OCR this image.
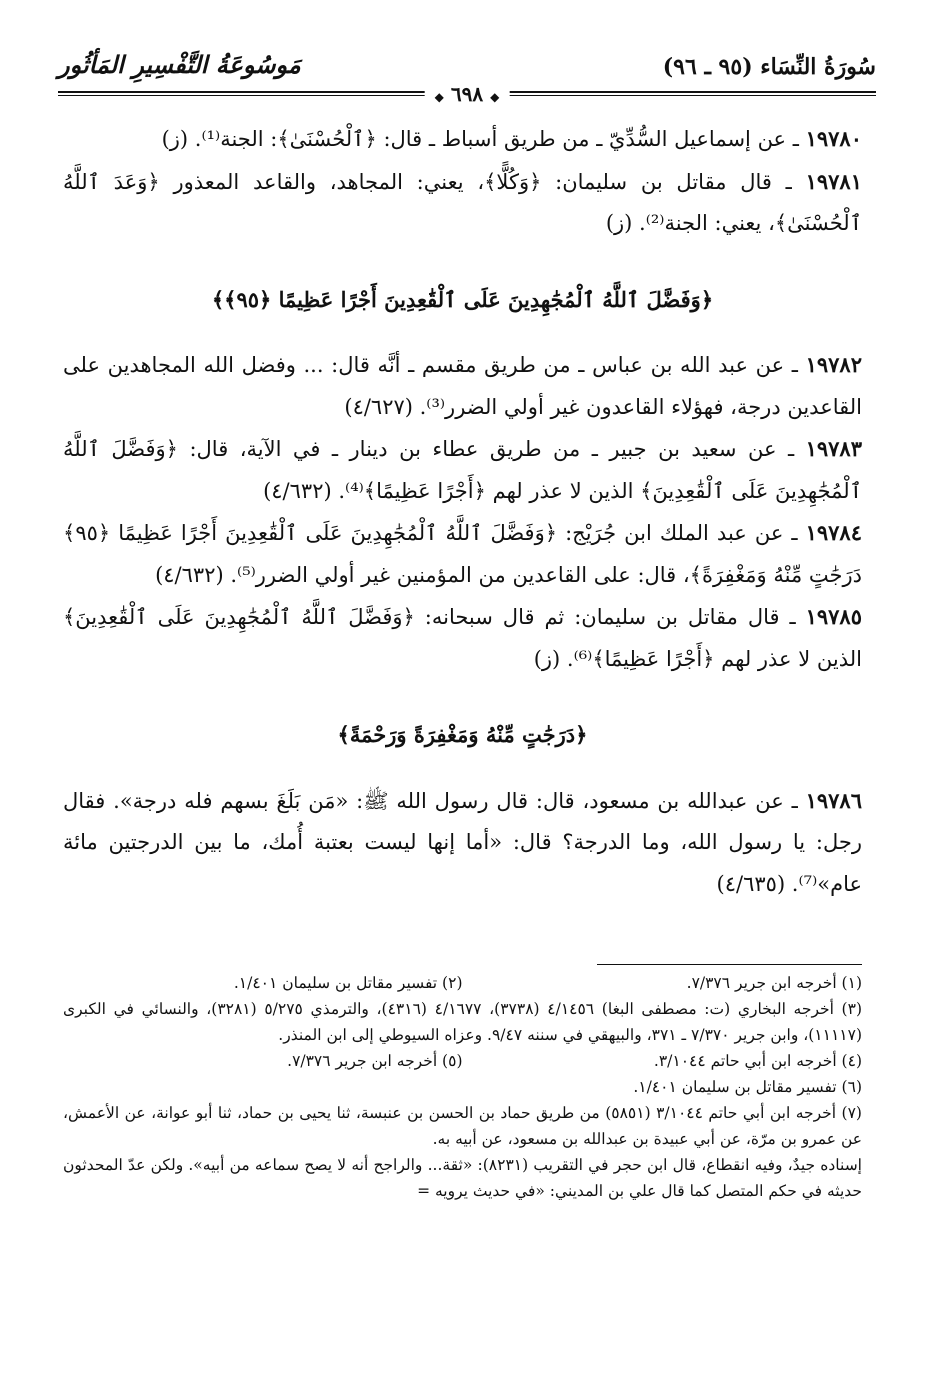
سُورَةُ النِّسَاء (٩٥ ـ ٩٦)
مَوسُوعَةُ التَّفْسِيرِ المَأثُور
◆ ٦٩٨ ◆

١٩٧٨٠ ـ عن إسماعيل السُّدِّيّ ـ من طريق أسباط ـ قال: ﴿ٱلْحُسْنَىٰ﴾: الجنة⁽¹⁾. (ز)

١٩٧٨١ ـ قال مقاتل بن سليمان: ﴿وَكُلًّا﴾، يعني: المجاهد، والقاعد المعذور ﴿وَعَدَ ٱللَّهُ ٱلْحُسْنَىٰ﴾، يعني: الجنة⁽²⁾. (ز)

﴿وَفَضَّلَ ٱللَّهُ ٱلْمُجَٰهِدِينَ عَلَى ٱلْقَٰعِدِينَ أَجْرًا عَظِيمًا ﴿٩٥﴾﴾

١٩٧٨٢ ـ عن عبد الله بن عباس ـ من طريق مقسم ـ أنَّه قال: ... وفضل الله المجاهدين على القاعدين درجة، فهؤلاء القاعدون غير أولي الضرر⁽³⁾. (٤/٦٢٧)

١٩٧٨٣ ـ عن سعيد بن جبير ـ من طريق عطاء بن دينار ـ في الآية، قال: ﴿وَفَضَّلَ ٱللَّهُ ٱلْمُجَٰهِدِينَ عَلَى ٱلْقَٰعِدِينَ﴾ الذين لا عذر لهم ﴿أَجْرًا عَظِيمًا﴾⁽⁴⁾. (٤/٦٣٢)

١٩٧٨٤ ـ عن عبد الملك ابن جُرَيْج: ﴿وَفَضَّلَ ٱللَّهُ ٱلْمُجَٰهِدِينَ عَلَى ٱلْقَٰعِدِينَ أَجْرًا عَظِيمًا ﴿٩٥﴾ دَرَجَٰتٍ مِّنْهُ وَمَغْفِرَةً﴾، قال: على القاعدين من المؤمنين غير أولي الضرر⁽⁵⁾. (٤/٦٣٢)

١٩٧٨٥ ـ قال مقاتل بن سليمان: ثم قال سبحانه: ﴿وَفَضَّلَ ٱللَّهُ ٱلْمُجَٰهِدِينَ عَلَى ٱلْقَٰعِدِينَ﴾ الذين لا عذر لهم ﴿أَجْرًا عَظِيمًا﴾⁽⁶⁾. (ز)

﴿دَرَجَٰتٍ مِّنْهُ وَمَغْفِرَةً وَرَحْمَةً﴾

١٩٧٨٦ ـ عن عبدالله بن مسعود، قال: قال رسول الله ﷺ: «مَن بَلَغَ بسهم فله درجة». فقال رجل: يا رسول الله، وما الدرجة؟ قال: «أما إنها ليست بعتبة أُمك، ما بين الدرجتين مائة عام»⁽⁷⁾. (٤/٦٣٥)

(١) أخرجه ابن جرير ٧/٣٧٦.
(٢) تفسير مقاتل بن سليمان ١/٤٠١.

(٣) أخرجه البخاري (ت: مصطفى البغا) ٤/١٤٥٦ (٣٧٣٨)، ٤/١٦٧٧ (٤٣١٦)، والترمذي ٥/٢٧٥ (٣٢٨١)، والنسائي في الكبرى (١١١١٧)، وابن جرير ٧/٣٧٠ ـ ٣٧١، والبيهقي في سننه ٩/٤٧. وعزاه السيوطي إلى ابن المنذر.

(٤) أخرجه ابن أبي حاتم ٣/١٠٤٤.
(٥) أخرجه ابن جرير ٧/٣٧٦.

(٦) تفسير مقاتل بن سليمان ١/٤٠١.

(٧) أخرجه ابن أبي حاتم ٣/١٠٤٤ (٥٨٥١) من طريق حماد بن الحسن بن عنبسة، ثنا يحيى بن حماد، ثنا أبو عوانة، عن الأعمش، عن عمرو بن مرّة، عن أبي عبيدة بن عبدالله بن مسعود، عن أبيه به.

إسناده جيدٌ، وفيه انقطاع، قال ابن حجر في التقريب (٨٢٣١): «ثقة... والراجح أنه لا يصح سماعه من أبيه». ولكن عدّ المحدثون حديثه في حكم المتصل كما قال علي بن المديني: «في حديث يرويه =
